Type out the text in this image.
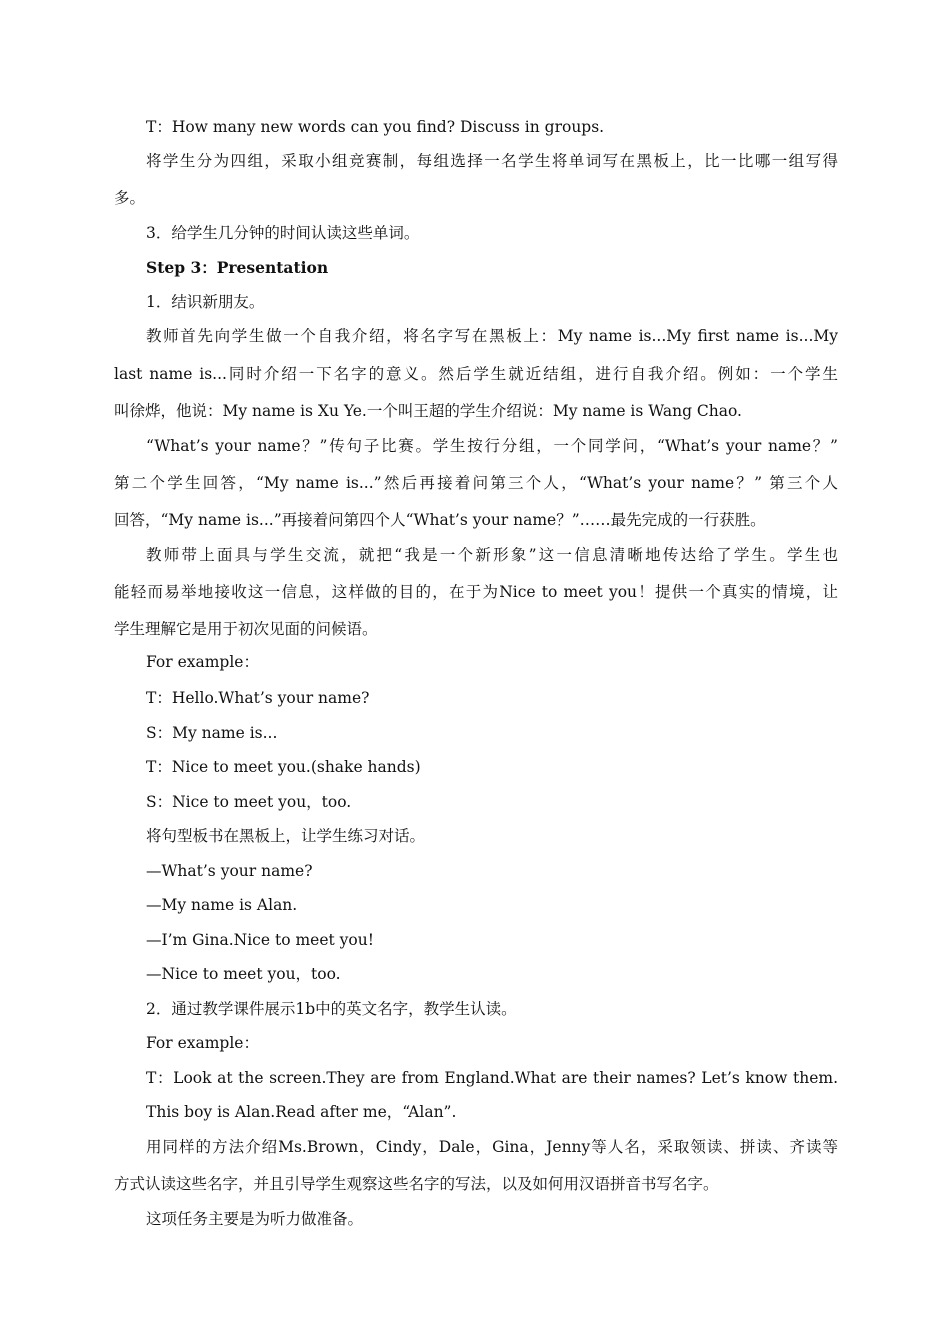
T：How many new words can you find? Discuss in groups.
将学生分为四组，采取小组竞赛制，每组选择一名学生将单词写在黑板上，比一比哪一组写得
多。
3．给学生几分钟的时间认读这些单词。
Step 3：Presentation
1．结识新朋友。
教师首先向学生做一个自我介绍，将名字写在黑板上：My name is...My first name is...My
last name is...同时介绍一下名字的意义。然后学生就近结组，进行自我介绍。例如：一个学生
叫徐烨，他说：My name is Xu Ye.一个叫王超的学生介绍说：My name is Wang Chao.
“What’s your name？”传句子比赛。学生按行分组，一个同学问，“What’s your name？”
第二个学生回答，“My name is...”然后再接着问第三个人，“What’s your name？” 第三个人
回答，“My name is...”再接着问第四个人“What’s your name？”……最先完成的一行获胜。
教师带上面具与学生交流，就把“我是一个新形象”这一信息清晰地传达给了学生。学生也
能轻而易举地接收这一信息，这样做的目的，在于为Nice to meet you！提供一个真实的情境，让
学生理解它是用于初次见面的问候语。
For example：
T：Hello.What’s your name?
S：My name is...
T：Nice to meet you.(shake hands)
S：Nice to meet you，too.
将句型板书在黑板上，让学生练习对话。
—What’s your name?
—My name is Alan.
—I’m Gina.Nice to meet you!
—Nice to meet you，too.
2．通过教学课件展示1b中的英文名字，教学生认读。
For example：
T：Look at the screen.They are from England.What are their names? Let’s know them.
This boy is Alan.Read after me，“Alan”.
用同样的方法介绍Ms.Brown，Cindy，Dale，Gina，Jenny等人名，采取领读、拼读、齐读等
方式认读这些名字，并且引导学生观察这些名字的写法，以及如何用汉语拼音书写名字。
这项任务主要是为听力做准备。
